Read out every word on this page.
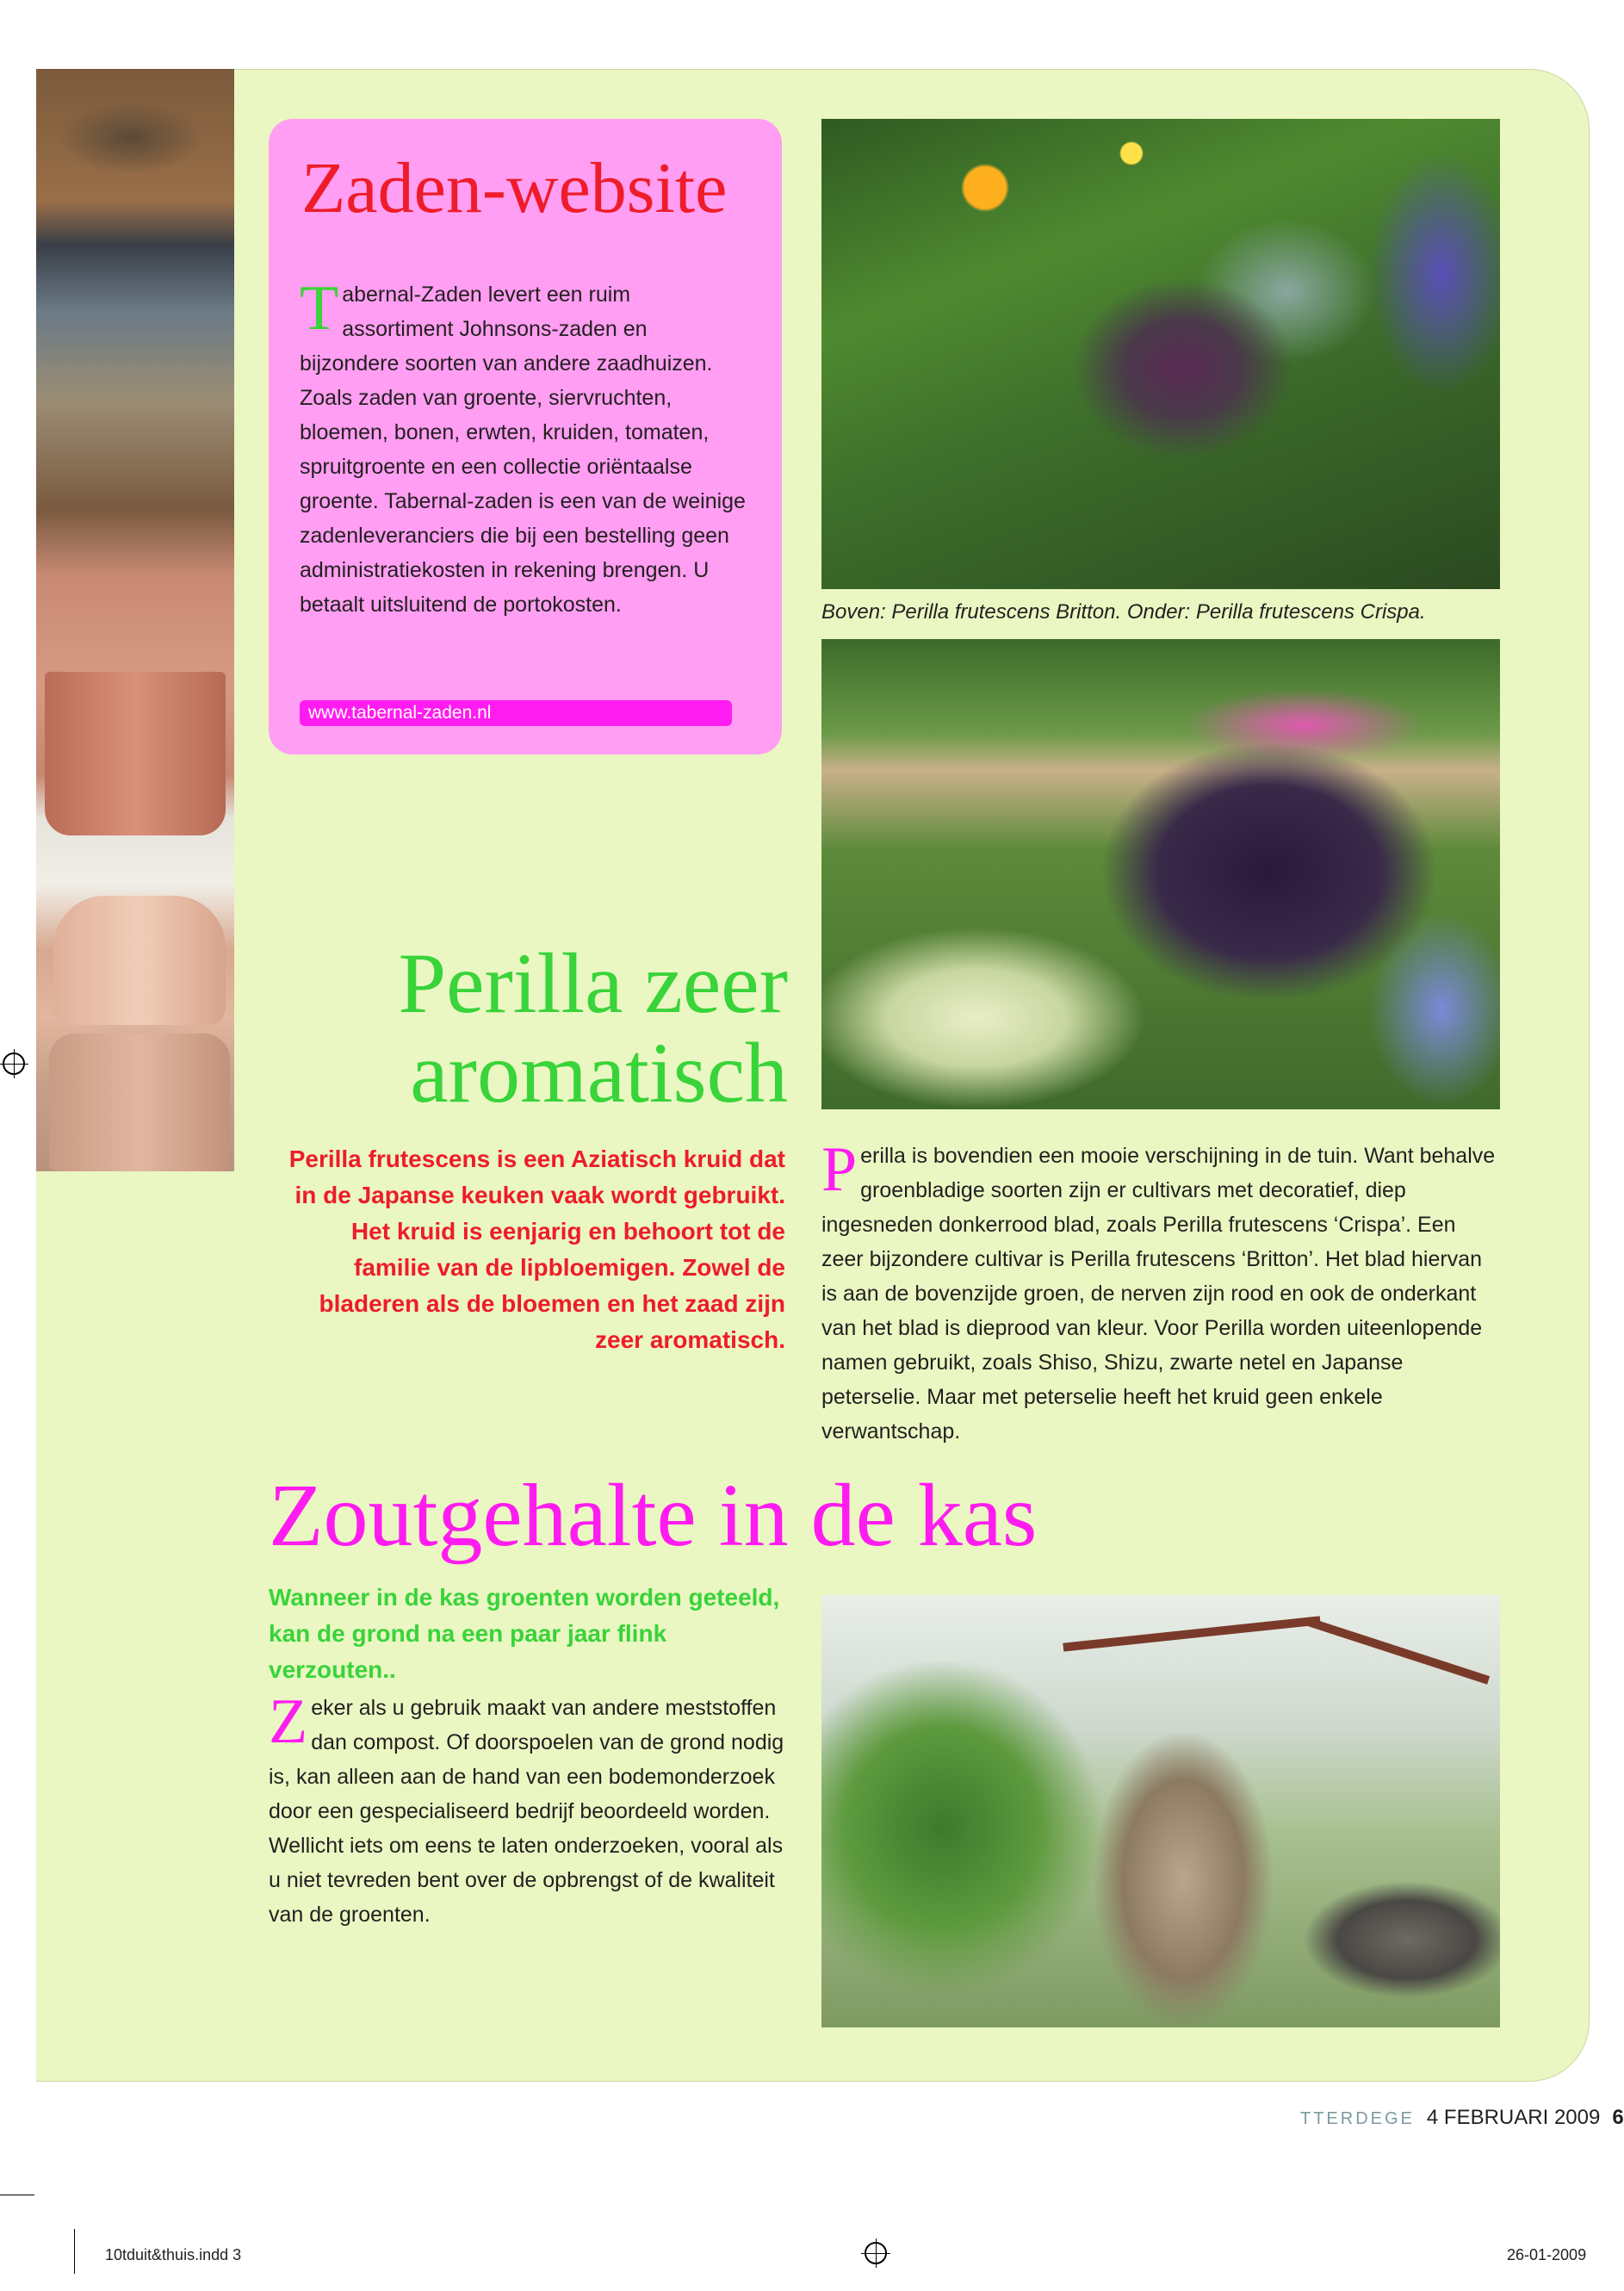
Zaden-website
Tabernal-Zaden levert een ruim assortiment Johnsons-zaden en bijzondere soorten van andere zaadhuizen. Zoals zaden van groente, siervruchten, bloemen, bonen, erwten, kruiden, tomaten, spruitgroente en een collectie oriëntaalse groente. Tabernal-zaden is een van de weinige zadenleveranciers die bij een bestelling geen administratiekosten in rekening brengen. U betaalt uitsluitend de portokosten.
www.tabernal-zaden.nl
Boven: Perilla frutescens Britton. Onder: Perilla frutescens Crispa.
Perilla zeer
aromatisch
Perilla frutescens is een Aziatisch kruid dat in de Japanse keuken vaak wordt gebruikt. Het kruid is eenjarig en behoort tot de familie van de lipbloemigen. Zowel de bladeren als de bloemen en het zaad zijn zeer aromatisch.
Perilla is bovendien een mooie verschijning in de tuin. Want behalve groenbladige soorten zijn er cultivars met decoratief, diep ingesneden donkerrood blad, zoals Perilla frutescens ‘Crispa’. Een zeer bijzondere cultivar is Perilla frutescens ‘Britton’. Het blad hiervan is aan de bovenzijde groen, de nerven zijn rood en ook de onderkant van het blad is dieprood van kleur. Voor Perilla worden uiteenlopende namen gebruikt, zoals Shiso, Shizu, zwarte netel en Japanse peterselie. Maar met peterselie heeft het kruid geen enkele verwantschap.
Zoutgehalte in de kas
Wanneer in de kas groenten worden geteeld, kan de grond na een paar jaar flink verzouten..
Zeker als u gebruik maakt van andere meststoffen dan compost. Of doorspoelen van de grond nodig is, kan alleen aan de hand van een bodemonderzoek door een gespecialiseerd bedrijf beoordeeld worden. Wellicht iets om eens te laten onderzoeken, vooral als u niet tevreden bent over de opbrengst of de kwaliteit van de groenten.
TTERDEGE 4 FEBRUARI 2009 6
10tduit&thuis.indd 3	26-01-2009
